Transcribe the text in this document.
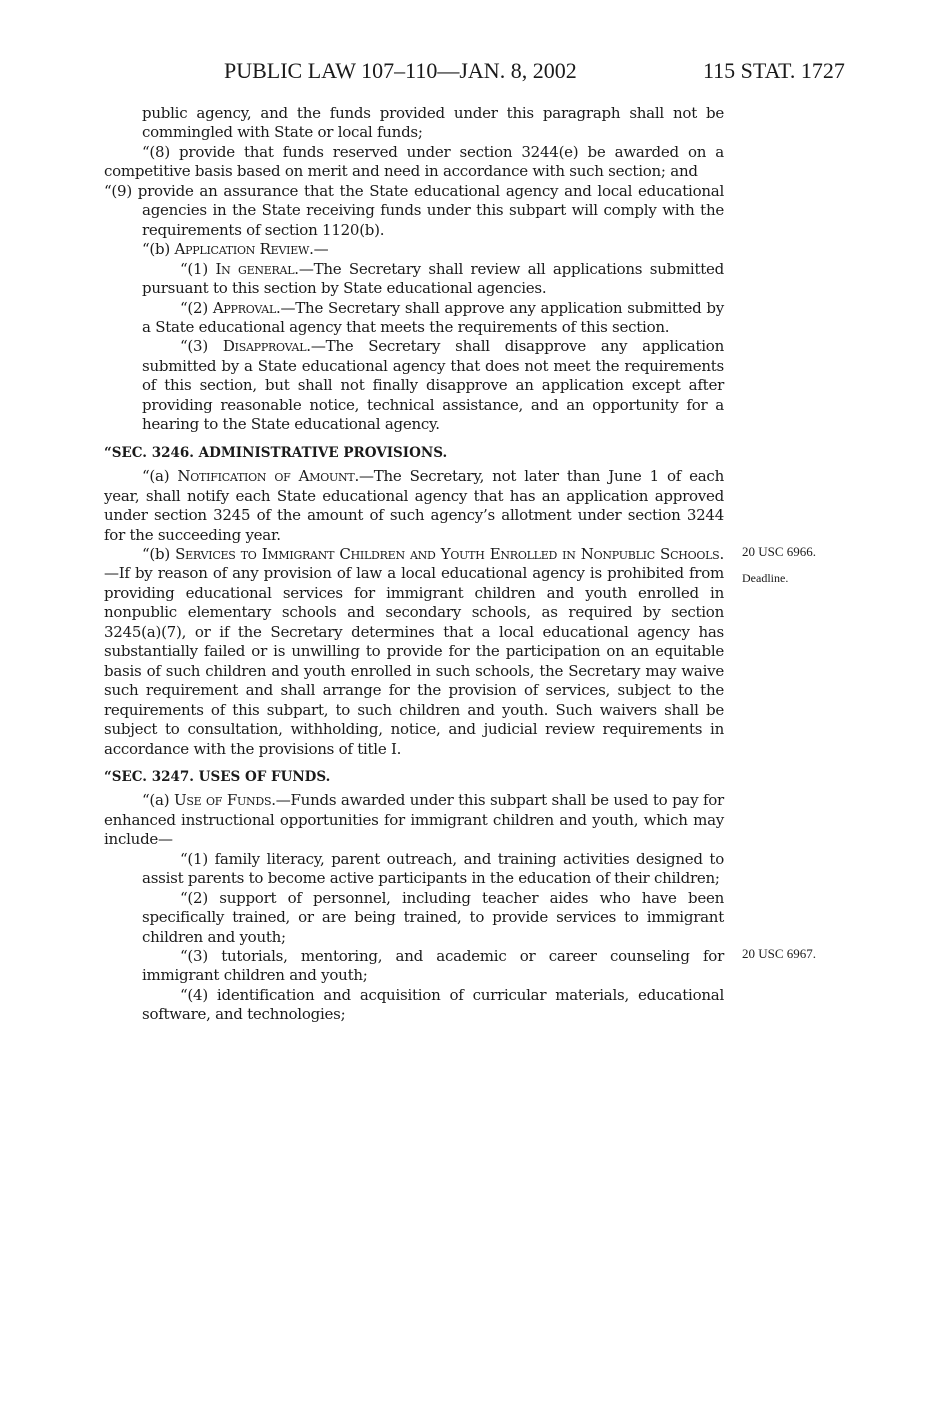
PUBLIC LAW 107–110—JAN. 8, 2002	115 STAT. 1727

public agency, and the funds provided under this paragraph shall not be commingled with State or local funds;

“(8) provide that funds reserved under section 3244(e) be awarded on a competitive basis based on merit and need in accordance with such section; and

“(9) provide an assurance that the State educational agency and local educational agencies in the State receiving funds under this subpart will comply with the requirements of section 1120(b).

“(b) Application Review.—

“(1) In general.—The Secretary shall review all applications submitted pursuant to this section by State educational agencies.

“(2) Approval.—The Secretary shall approve any application submitted by a State educational agency that meets the requirements of this section.

“(3) Disapproval.—The Secretary shall disapprove any application submitted by a State educational agency that does not meet the requirements of this section, but shall not finally disapprove an application except after providing reasonable notice, technical assistance, and an opportunity for a hearing to the State educational agency.

“SEC. 3246. ADMINISTRATIVE PROVISIONS.

“(a) Notification of Amount.—The Secretary, not later than June 1 of each year, shall notify each State educational agency that has an application approved under section 3245 of the amount of such agency’s allotment under section 3244 for the succeeding year.

“(b) Services to Immigrant Children and Youth Enrolled in Nonpublic Schools.—If by reason of any provision of law a local educational agency is prohibited from providing educational services for immigrant children and youth enrolled in nonpublic elementary schools and secondary schools, as required by section 3245(a)(7), or if the Secretary determines that a local educational agency has substantially failed or is unwilling to provide for the participation on an equitable basis of such children and youth enrolled in such schools, the Secretary may waive such requirement and shall arrange for the provision of services, subject to the requirements of this subpart, to such children and youth. Such waivers shall be subject to consultation, withholding, notice, and judicial review requirements in accordance with the provisions of title I.

“SEC. 3247. USES OF FUNDS.

“(a) Use of Funds.—Funds awarded under this subpart shall be used to pay for enhanced instructional opportunities for immigrant children and youth, which may include—

“(1) family literacy, parent outreach, and training activities designed to assist parents to become active participants in the education of their children;

“(2) support of personnel, including teacher aides who have been specifically trained, or are being trained, to provide services to immigrant children and youth;

“(3) tutorials, mentoring, and academic or career counseling for immigrant children and youth;

“(4) identification and acquisition of curricular materials, educational software, and technologies;

20 USC 6966.
Deadline.
20 USC 6967.
